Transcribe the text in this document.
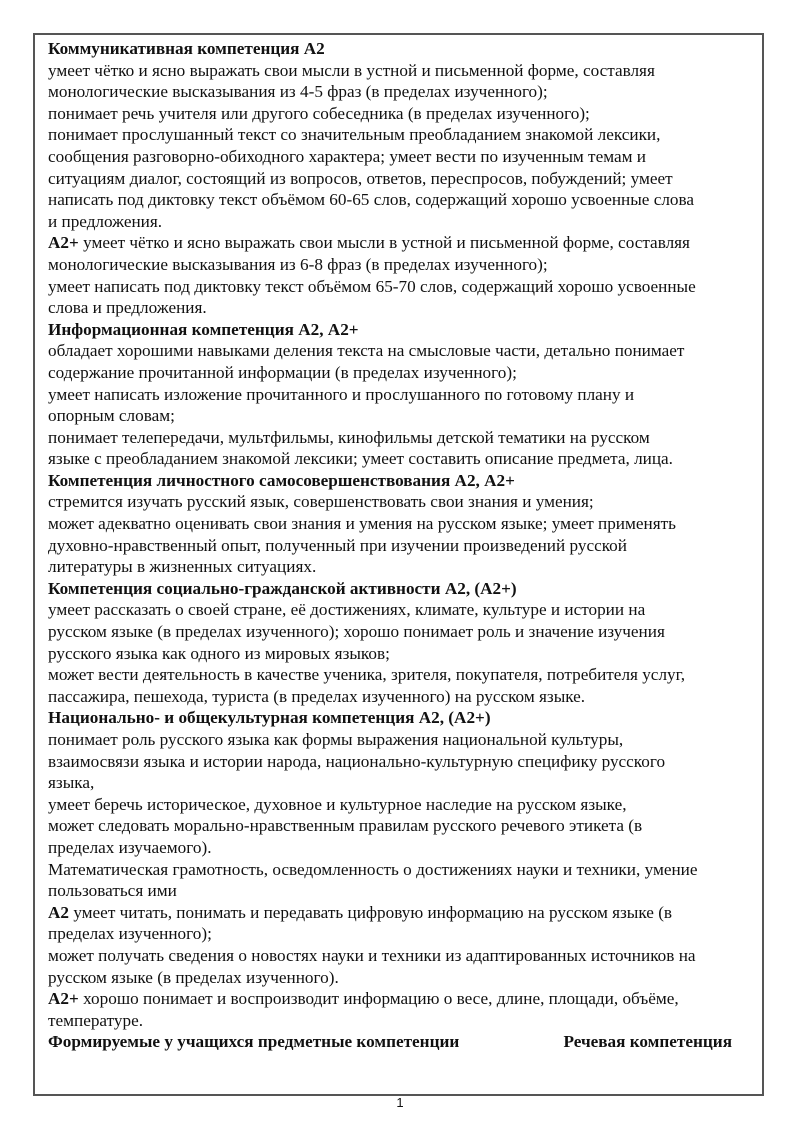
Коммуникативная компетенция А2
умеет чётко и ясно выражать свои мысли в устной и письменной форме, составляя
монологические высказывания из 4-5 фраз (в пределах изученного);
понимает речь учителя или другого собеседника (в пределах изученного);
понимает прослушанный текст со значительным преобладанием знакомой лексики,
сообщения разговорно-обиходного характера; умеет вести по изученным темам и
ситуациям диалог, состоящий из вопросов, ответов, переспросов, побуждений; умеет
написать под диктовку текст объёмом 60-65 слов, содержащий хорошо усвоенные слова
и предложения.
А2+ умеет чётко и ясно выражать свои мысли в устной и письменной форме, составляя
монологические высказывания из 6-8 фраз (в пределах изученного);
умеет написать под диктовку текст объёмом 65-70 слов, содержащий хорошо усвоенные
слова и предложения.
Информационная компетенция А2, А2+
обладает хорошими навыками деления текста на смысловые части, детально понимает
содержание прочитанной информации (в пределах изученного);
умеет написать изложение прочитанного и прослушанного по готовому плану и
опорным словам;
понимает телепередачи, мультфильмы, кинофильмы детской тематики на русском
языке с преобладанием знакомой лексики; умеет составить описание предмета, лица.
Компетенция личностного самосовершенствования А2, А2+
стремится изучать русский язык, совершенствовать свои знания и умения;
может адекватно оценивать свои знания и умения на русском языке; умеет применять
духовно-нравственный опыт, полученный при изучении произведений русской
литературы в жизненных ситуациях.
Компетенция социально-гражданской активности А2, (А2+)
умеет рассказать о своей стране, её достижениях, климате, культуре и истории на
русском языке (в пределах изученного); хорошо понимает роль и значение изучения
русского языка как одного из мировых языков;
может вести деятельность в качестве ученика, зрителя, покупателя, потребителя услуг,
пассажира, пешехода, туриста (в пределах изученного) на русском языке.
Национально- и общекультурная компетенция А2, (А2+)
понимает роль русского языка как формы выражения национальной культуры,
взаимосвязи языка и истории народа, национально-культурную специфику русского
языка,
умеет беречь историческое, духовное и культурное наследие на русском языке,
может следовать морально-нравственным правилам русского речевого этикета (в
пределах изучаемого).
Математическая грамотность, осведомленность о достижениях науки и техники, умение
пользоваться ими
А2 умеет читать, понимать и передавать цифровую информацию на русском языке (в
пределах изученного);
может получать сведения о новостях науки и техники из адаптированных источников на
русском языке (в пределах изученного).
А2+ хорошо понимает и воспроизводит информацию о весе, длине, площади, объёме,
температуре.
Формируемые у учащихся предметные компетенции	Речевая компетенция
1
